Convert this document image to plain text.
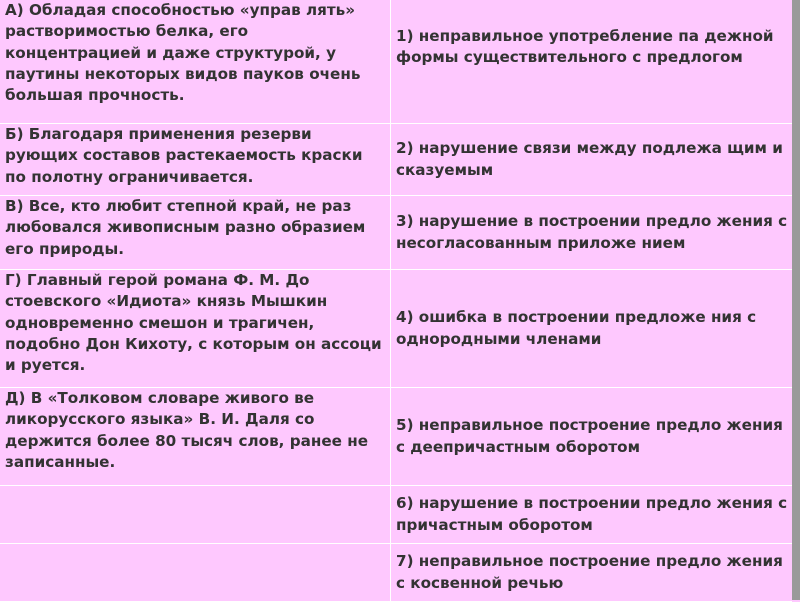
А) Обладая способностью «управ лять» растворимостью белка, его концентрацией и даже структурой, у паутины некоторых видов пауков очень большая прочность.
1) неправильное употребление па дежной формы существительного с предлогом
Б) Благодаря применения резерви рующих составов растекаемость краски по полотну ограничивается.
2) нарушение связи между подлежа щим и сказуемым
В) Все, кто любит степной край, не раз любовался живописным разно образием его природы.
3) нарушение в построении предло жения с несогласованным приложе нием
Г) Главный герой романа Ф. М. До стоевского «Идиота» князь Мышкин одновременно смешон и трагичен, подобно Дон Кихоту, с которым он ассоци и руется.
4) ошибка в построении предложе ния с однородными членами
Д) В «Толковом словаре живого ве ликорусского языка» В. И. Даля со держится более 80 тысяч слов, ранее не записанные.
5) неправильное построение предло жения с деепричастным оборотом
6) нарушение в построении предло жения с причастным оборотом
7) неправильное построение предло жения с косвенной речью
